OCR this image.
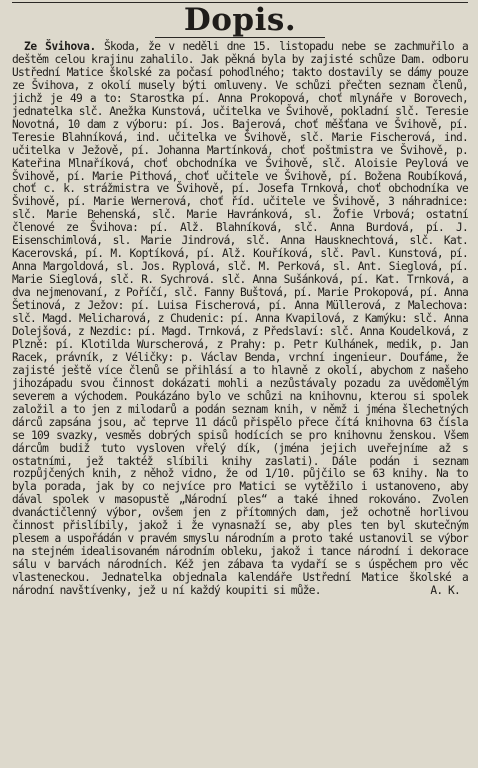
Dopis.

Ze Švihova. Škoda, že v neděli dne 15. listopadu nebe se zachmuřilo a deštěm celou krajinu zahalilo. Jak pěkná byla by zajisté schůze Dam. odboru Ustřední Matice školské za počasí pohodlného; takto dostavily se dámy pouze ze Švihova, z okolí musely býti omluveny. Ve schůzi přečten seznam členů, jichž je 49 a to: Starostka pí. Anna Prokopová, choť mlynáře v Borovech, jednatelka slč. Anežka Kunstová, učitelka ve Švihově, pokladní slč. Teresie Novotná, 10 dam z výboru: pí. Jos. Bajerová, choť měšťana ve Švihově, pí. Teresie Blahníková, ind. učitelka ve Švihově, slč. Marie Fischerová, ind. učitelka v Ježově, pí. Johanna Martínková, choť poštmistra ve Švihově, p. Kateřina Mlnaříková, choť obchodníka ve Švihově, slč. Aloisie Peylová ve Švihově, pí. Marie Pithová, choť učitele ve Švihově, pí. Božena Roubíková, choť c. k. strážmistra ve Švihově, pí. Josefa Trnková, choť obchodníka ve Švihově, pí. Marie Wernerová, choť říd. učitele ve Švihově, 3 náhradnice: slč. Marie Behenská, slč. Marie Havránková, sl. Žofie Vrbová; ostatní členové ze Švihova: pí. Alž. Blahníková, slč. Anna Burdová, pí. J. Eisenschimlová, sl. Marie Jindrová, slč. Anna Hausknechtová, slč. Kat. Kacerovská, pí. M. Koptíková, pí. Alž. Kouříková, slč. Pavl. Kunstová, pí. Anna Margoldová, sl. Jos. Ryplová, slč. M. Perková, sl. Ant. Sieglová, pí. Marie Sieglová, slč. R. Sychrová. slč. Anna Sušánková, pí. Kat. Trnková, a dva nejmenovaní, z Poříčí, slč. Fanny Buštová, pí. Marie Prokopová, pí. Anna Šetinová, z Ježov: pí. Luisa Fischerová, pí. Anna Müllerová, z Malechova: slč. Magd. Melicharová, z Chudenic: pí. Anna Kvapilová, z Kamýku: slč. Anna Dolejšová, z Nezdic: pí. Magd. Trnková, z Předslaví: slč. Anna Koudelková, z Plzně: pí. Klotilda Wurscherová, z Prahy: p. Petr Kulhánek, medik, p. Jan Racek, právník, z Véličky: p. Václav Benda, vrchní ingenieur. Doufáme, že zajisté ještě více členů se přihlásí a to hlavně z okolí, abychom z našeho jihozápadu svou činnost dokázati mohli a nezůstávaly pozadu za uvědomělým severem a východem. Poukázáno bylo ve schůzi na knihovnu, kterou si spolek založil a to jen z milodarů a podán seznam knih, v němž i jména šlechetných dárců zapsána jsou, ač teprve 11 dáců přispělo přece čítá knihovna 63 čísla se 109 svazky, vesměs dobrých spisů hodících se pro knihovnu ženskou. Všem dárcům budiž tuto vysloven vřelý dík, (jména jejich uveřejníme až s ostatními, jež taktéž slíbili knihy zaslati). Dále podán i seznam rozpůjčených knih, z něhož vidno, že od 1/10. půjčilo se 63 knihy. Na to byla porada, jak by co nejvíce pro Matici se vytěžilo i ustanoveno, aby dával spolek v masopustě „Národní ples“ a také ihned rokováno. Zvolen dvanáctičlenný výbor, ovšem jen z přítomných dam, jež ochotně horlivou činnost přislíbily, jakož i že vynasnaží se, aby ples ten byl skutečným plesem a uspořádán v pravém smyslu národním a proto také ustanovil se výbor na stejném idealisovaném národním obleku, jakož i tance národní i dekorace sálu v barvách národních. Kéž jen zábava ta vydaří se s úspěchem pro věc vlasteneckou. Jednatelka objednala kalendáře Ustřední Matice školské a národní navštívenky, jež u ní každý koupiti si může.	A. K.
